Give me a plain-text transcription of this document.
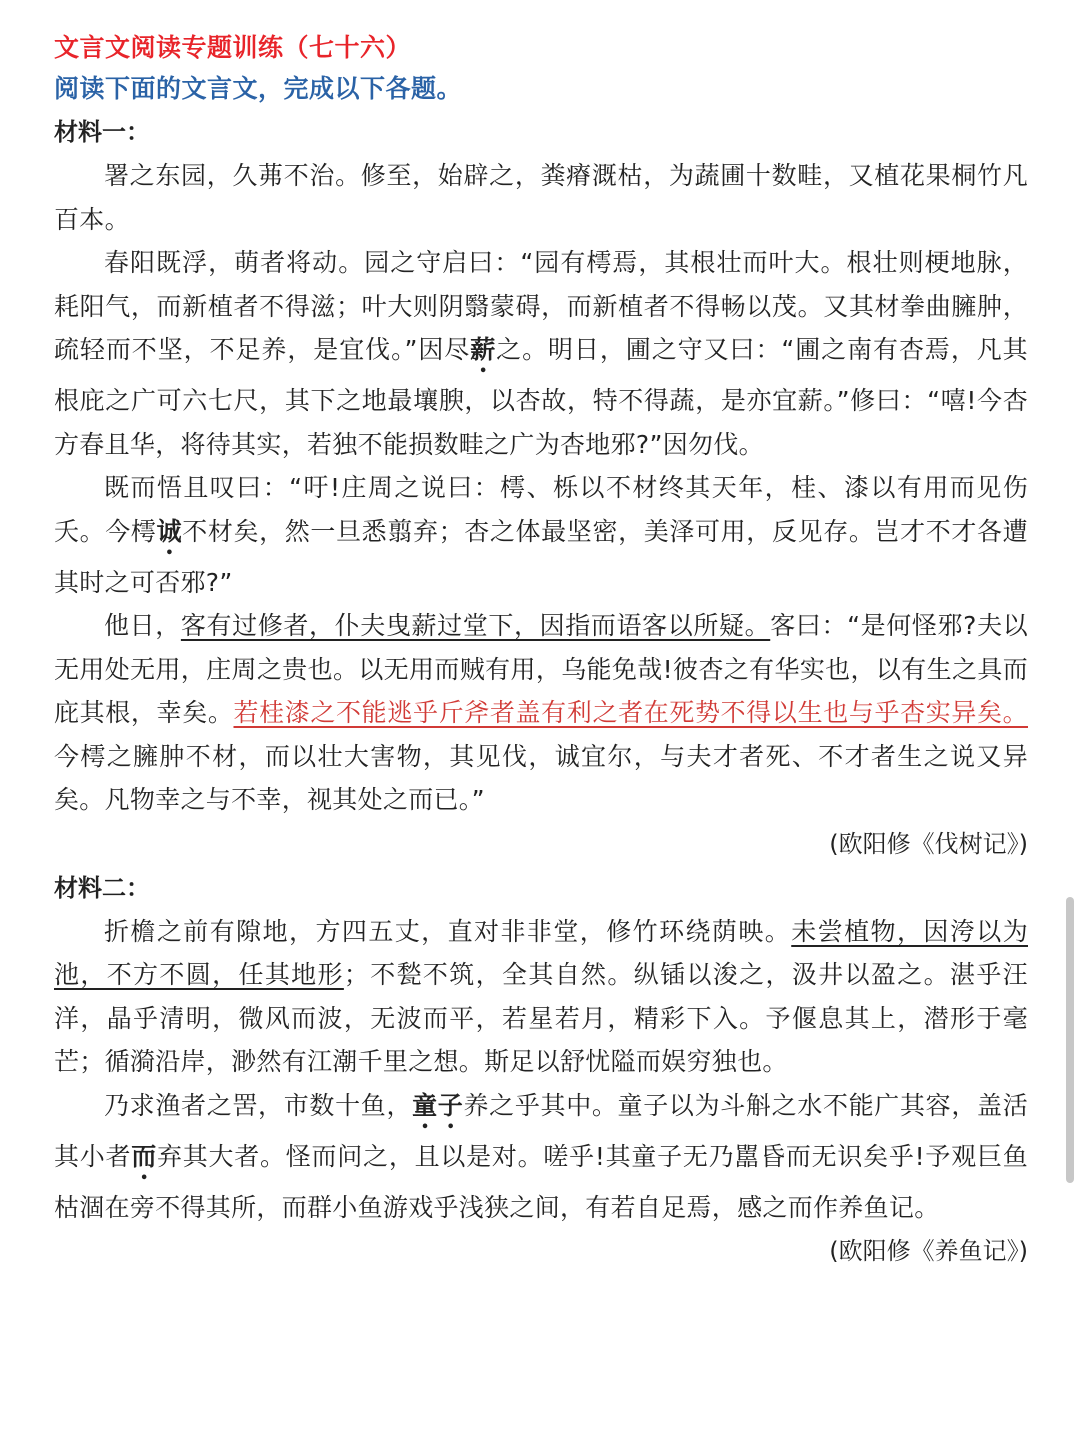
文言文阅读专题训练（七十六）
阅读下面的文言文，完成以下各题。
材料一：

署之东园，久茀不治。修至，始辟之，粪瘠溉枯，为蔬圃十数畦，又植花果桐竹凡百本。

春阳既浮，萌者将动。园之守启曰：“园有樗焉，其根壮而叶大。根壮则梗地脉，耗阳气，而新植者不得滋；叶大则阴翳蒙碍，而新植者不得畅以茂。又其材拳曲臃肿，疏轻而不坚，不足养，是宜伐。”因尽薪之。明日，圃之守又曰：“圃之南有杏焉，凡其根庇之广可六七尺，其下之地最壤腴，以杏故，特不得蔬，是亦宜薪。”修曰：“嘻!今杏方春且华，将待其实，若独不能损数畦之广为杏地邪?”因勿伐。

既而悟且叹曰：“吁!庄周之说曰：樗、栎以不材终其天年，桂、漆以有用而见伤夭。今樗诚不材矣，然一旦悉翦弃；杏之体最坚密，美泽可用，反见存。岂才不才各遭其时之可否邪?”

他日，客有过修者，仆夫曳薪过堂下，因指而语客以所疑。客曰：“是何怪邪?夫以无用处无用，庄周之贵也。以无用而贼有用，乌能免哉!彼杏之有华实也，以有生之具而庇其根，幸矣。若桂漆之不能逃乎斤斧者盖有利之者在死势不得以生也与乎杏实异矣。今樗之臃肿不材，而以壮大害物，其见伐，诚宜尔，与夫才者死、不才者生之说又异矣。凡物幸之与不幸，视其处之而已。”

(欧阳修《伐树记》)
材料二：

折檐之前有隙地，方四五丈，直对非非堂，修竹环绕荫映。未尝植物，因洿以为池，不方不圆，任其地形；不甃不筑，全其自然。纵锸以浚之，汲井以盈之。湛乎汪洋，晶乎清明，微风而波，无波而平，若星若月，精彩下入。予偃息其上，潜形于毫芒；循漪沿岸，渺然有江潮千里之想。斯足以舒忧隘而娱穷独也。

乃求渔者之罟，市数十鱼，童子养之乎其中。童子以为斗斛之水不能广其容，盖活其小者而弃其大者。怪而问之，且以是对。嗟乎!其童子无乃嚚昏而无识矣乎!予观巨鱼枯涸在旁不得其所，而群小鱼游戏乎浅狭之间，有若自足焉，感之而作养鱼记。

(欧阳修《养鱼记》)
